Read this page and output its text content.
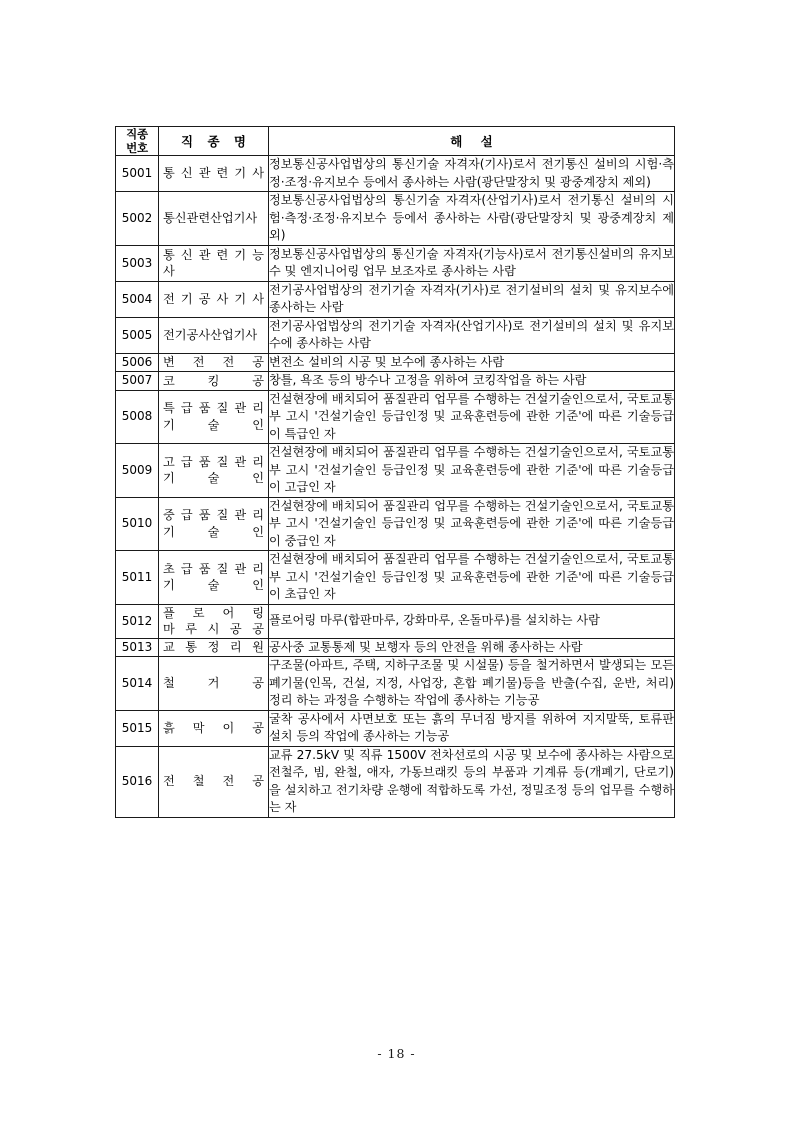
직종
번호	직 종 명	해 설
5001	통 신 관 련 기 사	정보통신공사업법상의 통신기술 자격자(기사)로서 전기통신 설비의 시험·측정·조정·유지보수 등에서 종사하는 사람(광단말장치 및 광중계장치 제외)

5002	통신관련산업기사	정보통신공사업법상의 통신기술 자격자(산업기사)로서 전기통신 설비의 시험·측정·조정·유지보수 등에서 종사하는 사람(광단말장치 및 광중계장치 제외)

5003	통 신 관 련 기 능 사	정보통신공사업법상의 통신기술 자격자(기능사)로서 전기통신설비의 유지보수 및 엔지니어링 업무 보조자로 종사하는 사람

5004	전 기 공 사 기 사	전기공사업법상의 전기기술 자격자(기사)로 전기설비의 설치 및 유지보수에 종사하는 사람

5005	전기공사산업기사	전기공사업법상의 전기기술 자격자(산업기사)로 전기설비의 설치 및 유지보수에 종사하는 사람

5006	변 전 전 공	변전소 설비의 시공 및 보수에 종사하는 사람

5007	코 킹 공	창틀, 욕조 등의 방수나 고정을 위하여 코킹작업을 하는 사람

5008	특 급 품 질 관 리
기 술 인	건설현장에 배치되어 품질관리 업무를 수행하는 건설기술인으로서, 국토교통부 고시 '건설기술인 등급인정 및 교육훈련등에 관한 기준'에 따른 기술등급이 특급인 자

5009	고 급 품 질 관 리
기 술 인	건설현장에 배치되어 품질관리 업무를 수행하는 건설기술인으로서, 국토교통부 고시 '건설기술인 등급인정 및 교육훈련등에 관한 기준'에 따른 기술등급이 고급인 자

5010	중 급 품 질 관 리
기 술 인	건설현장에 배치되어 품질관리 업무를 수행하는 건설기술인으로서, 국토교통부 고시 '건설기술인 등급인정 및 교육훈련등에 관한 기준'에 따른 기술등급이 중급인 자

5011	초 급 품 질 관 리
기 술 인	건설현장에 배치되어 품질관리 업무를 수행하는 건설기술인으로서, 국토교통부 고시 '건설기술인 등급인정 및 교육훈련등에 관한 기준'에 따른 기술등급이 초급인 자

5012	플 로 어 링
마 루 시 공 공	플로어링 마루(합판마루, 강화마루, 온돌마루)를 설치하는 사람

5013	교 통 정 리 원	공사중 교통통제 및 보행자 등의 안전을 위해 종사하는 사람

5014	철 거 공	구조물(아파트, 주택, 지하구조물 및 시설물) 등을 철거하면서 발생되는 모든 폐기물(인목, 건설, 지정, 사업장, 혼합 폐기물)등을 반출(수집, 운반, 처리) 정리 하는 과정을 수행하는 작업에 종사하는 기능공

5015	흙 막 이 공	굴착 공사에서 사면보호 또는 흙의 무너짐 방지를 위하여 지지말뚝, 토류판 설치 등의 작업에 종사하는 기능공

5016	전 철 전 공	교류 27.5kV 및 직류 1500V 전차선로의 시공 및 보수에 종사하는 사람으로 전철주, 빔, 완철, 애자, 가동브래킷 등의 부품과 기계류 등(개폐기, 단로기)을 설치하고 전기차량 운행에 적합하도록 가선, 정밀조정 등의 업무를 수행하는 자

- 18 -
